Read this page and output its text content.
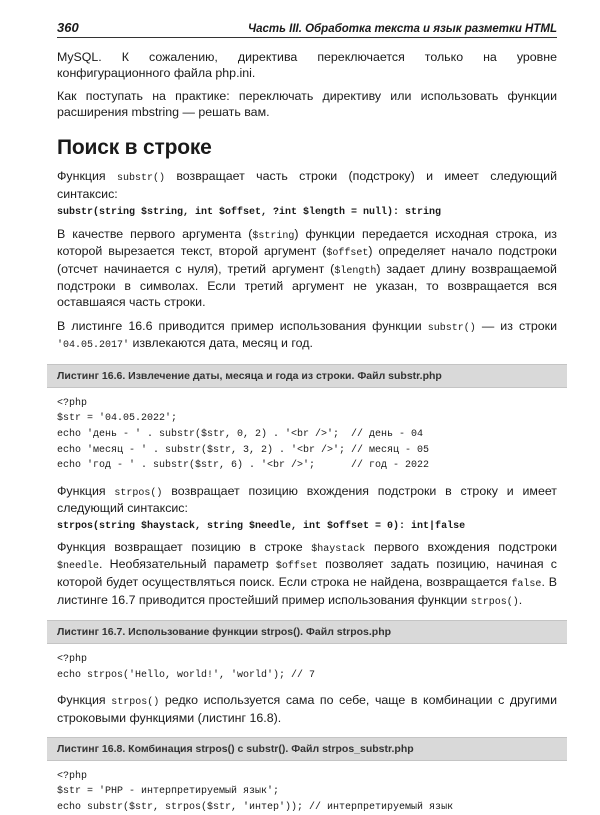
360	Часть III. Обработка текста и язык разметки HTML

MySQL. К сожалению, директива переключается только на уровне конфигурационного файла php.ini.

Как поступать на практике: переключать директиву или использовать функции расширения mbstring — решать вам.

Поиск в строке

Функция substr() возвращает часть строки (подстроку) и имеет следующий синтаксис:

substr(string $string, int $offset, ?int $length = null): string

В качестве первого аргумента ($string) функции передается исходная строка, из которой вырезается текст, второй аргумент ($offset) определяет начало подстроки (отсчет начинается с нуля), третий аргумент ($length) задает длину возвращаемой подстроки в символах. Если третий аргумент не указан, то возвращается вся оставшаяся часть строки.

В листинге 16.6 приводится пример использования функции substr() — из строки '04.05.2017' извлекаются дата, месяц и год.

Листинг 16.6. Извлечение даты, месяца и года из строки. Файл substr.php
<?php
$str = '04.05.2022';
echo 'день - ' . substr($str, 0, 2) . '<br />';  // день - 04
echo 'месяц - ' . substr($str, 3, 2) . '<br />'; // месяц - 05
echo 'год - ' . substr($str, 6) . '<br />';      // год - 2022

Функция strpos() возвращает позицию вхождения подстроки в строку и имеет следующий синтаксис:

strpos(string $haystack, string $needle, int $offset = 0): int|false

Функция возвращает позицию в строке $haystack первого вхождения подстроки $needle. Необязательный параметр $offset позволяет задать позицию, начиная с которой будет осуществляться поиск. Если строка не найдена, возвращается false. В листинге 16.7 приводится простейший пример использования функции strpos().

Листинг 16.7. Использование функции strpos(). Файл strpos.php
<?php
echo strpos('Hello, world!', 'world'); // 7

Функция strpos() редко используется сама по себе, чаще в комбинации с другими строковыми функциями (листинг 16.8).

Листинг 16.8. Комбинация strpos() c substr(). Файл strpos_substr.php
<?php
$str = 'PHP - интерпретируемый язык';
echo substr($str, strpos($str, 'интер')); // интерпретируемый язык
